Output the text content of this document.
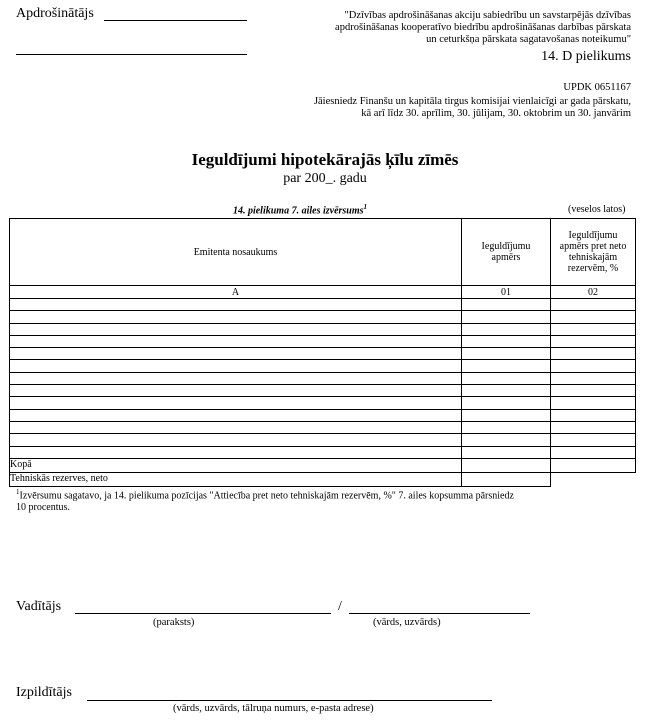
Apdrošinātājs	"Dzīvības apdrošināšanas akciju sabiedrību un savstarpējās dzīvības
apdrošināšanas kooperatīvo biedrību apdrošināšanas darbības pārskata
un ceturkšņa pārskata sagatavošanas noteikumu"
14. D pielikums
UPDK 0651167
Jāiesniedz Finanšu un kapitāla tirgus komisijai vienlaicīgi ar gada pārskatu,
kā arī līdz 30. aprīlim, 30. jūlijam, 30. oktobrim un 30. janvārim
Ieguldījumi hipotekārajās ķīlu zīmēs
par 200_. gadu
14. pielikuma 7. ailes izvērsums$^1$	(veselos latos)
Emitenta nosaukums	Ieguldījumu apmērs	Ieguldījumu apmērs pret neto tehniskajām rezervēm, %
A	01	02

Kopā		
Tehniskās rezerves, neto		
$^1$Izvērsumu sagatavo, ja 14. pielikuma pozīcijas "Attiecība pret neto tehniskajām rezervēm, %" 7. ailes kopsumma pārsniedz
10 procentus.
Vadītājs
(paraksts)
/
(vārds, uzvārds)
Izpildītājs
(vārds, uzvārds, tālruņa numurs, e-pasta adrese)
